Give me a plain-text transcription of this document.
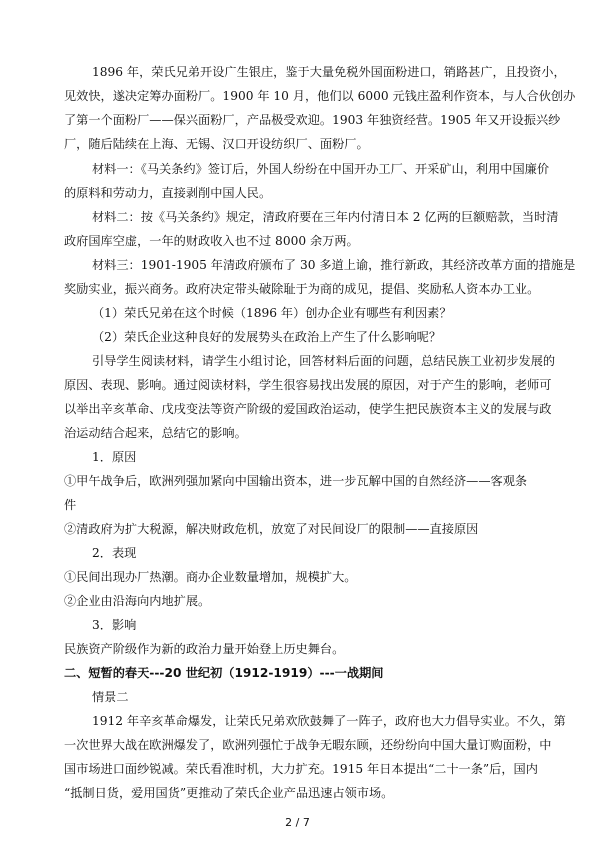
1896 年，荣氏兄弟开设广生银庄，鉴于大量免税外国面粉进口，销路甚广，且投资小，
见效快，遂决定筹办面粉厂。1900 年 10 月，他们以 6000 元钱庄盈利作资本，与人合伙创办
了第一个面粉厂——保兴面粉厂，产品极受欢迎。1903 年独资经营。1905 年又开设振兴纱
厂，随后陆续在上海、无锡、汉口开设纺织厂、面粉厂。
材料一：《马关条约》签订后，外国人纷纷在中国开办工厂、开采矿山，利用中国廉价
的原料和劳动力，直接剥削中国人民。
材料二：按《马关条约》规定，清政府要在三年内付清日本 2 亿两的巨额赔款，当时清
政府国库空虚，一年的财政收入也不过 8000 余万两。
材料三：1901-1905 年清政府颁布了 30 多道上谕，推行新政，其经济改革方面的措施是
奖励实业，振兴商务。政府决定带头破除耻于为商的成见，提倡、奖励私人资本办工业。
（1）荣氏兄弟在这个时候（1896 年）创办企业有哪些有利因素？
（2）荣氏企业这种良好的发展势头在政治上产生了什么影响呢？
引导学生阅读材料，请学生小组讨论，回答材料后面的问题，总结民族工业初步发展的
原因、表现、影响。通过阅读材料，学生很容易找出发展的原因，对于产生的影响，老师可
以举出辛亥革命、戊戌变法等资产阶级的爱国政治运动，使学生把民族资本主义的发展与政
治运动结合起来，总结它的影响。
1．原因
①甲午战争后，欧洲列强加紧向中国输出资本，进一步瓦解中国的自然经济——客观条
件
②清政府为扩大税源，解决财政危机，放宽了对民间设厂的限制——直接原因
2．表现
①民间出现办厂热潮。商办企业数量增加，规模扩大。
②企业由沿海向内地扩展。
3．影响
民族资产阶级作为新的政治力量开始登上历史舞台。
二、短暂的春天---20 世纪初（1912-1919）---一战期间
情景二
1912 年辛亥革命爆发，让荣氏兄弟欢欣鼓舞了一阵子，政府也大力倡导实业。不久，第
一次世界大战在欧洲爆发了，欧洲列强忙于战争无暇东顾，还纷纷向中国大量订购面粉，中
国市场进口面纱锐减。荣氏看准时机，大力扩充。1915 年日本提出“二十一条”后，国内
“抵制日货，爱用国货”更推动了荣氏企业产品迅速占领市场。
2 / 7
